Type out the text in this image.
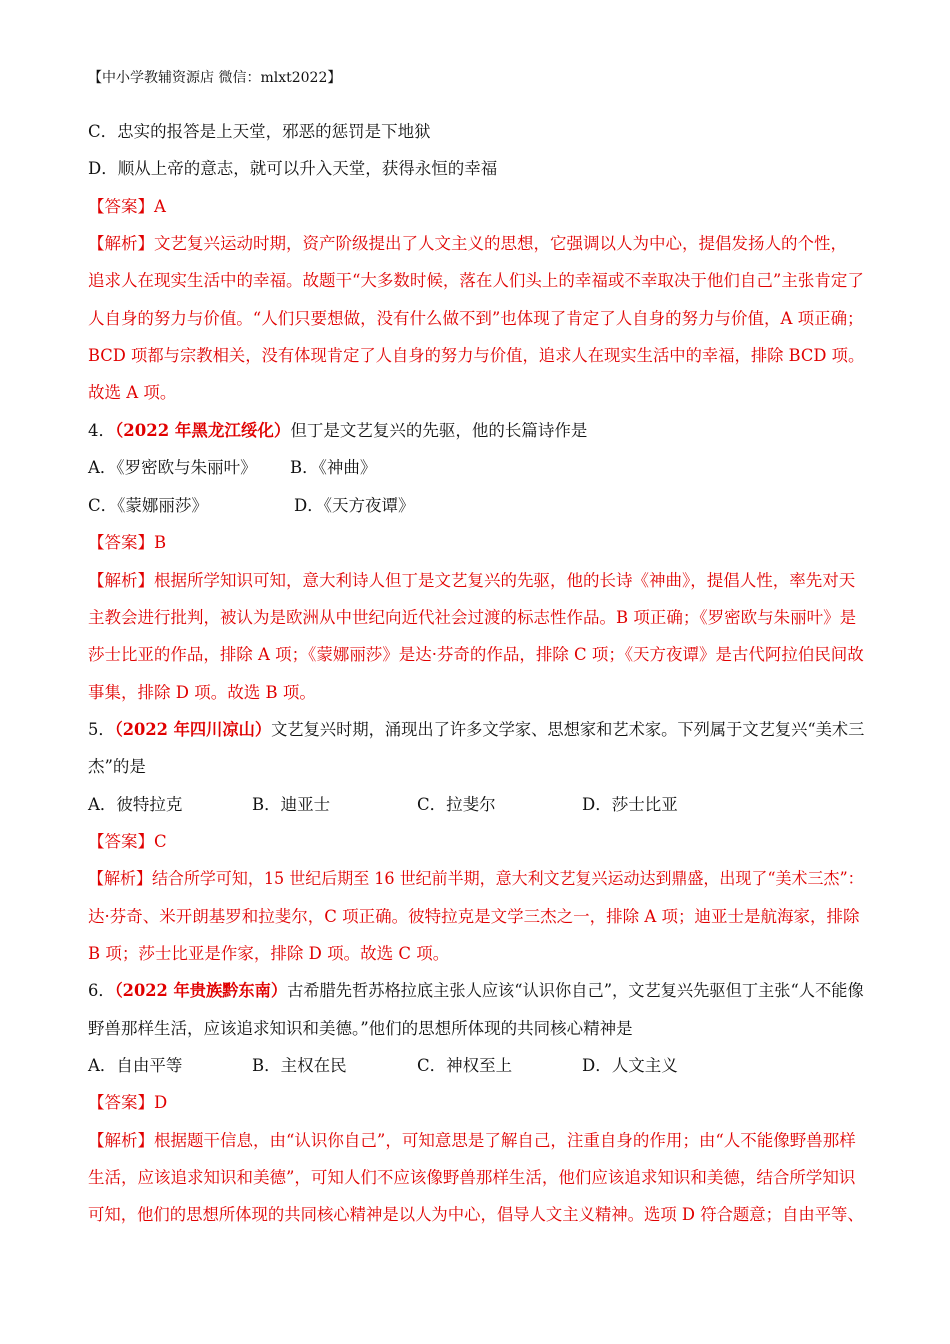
【中小学教辅资源店 微信：mlxt2022】
C．忠实的报答是上天堂，邪恶的惩罚是下地狱
D．顺从上帝的意志，就可以升入天堂，获得永恒的幸福
【答案】A
【解析】文艺复兴运动时期，资产阶级提出了人文主义的思想，它强调以人为中心，提倡发扬人的个性，
追求人在现实生活中的幸福。故题干“大多数时候，落在人们头上的幸福或不幸取决于他们自己”主张肯定了
人自身的努力与价值。“人们只要想做，没有什么做不到”也体现了肯定了人自身的努力与价值，A 项正确；
BCD 项都与宗教相关，没有体现肯定了人自身的努力与价值，追求人在现实生活中的幸福，排除 BCD 项。
故选 A 项。
4．（2022 年黑龙江绥化）但丁是文艺复兴的先驱，他的长篇诗作是
A．《罗密欧与朱丽叶》 B．《神曲》
C．《蒙娜丽莎》	D．《天方夜谭》
【答案】B
【解析】根据所学知识可知，意大利诗人但丁是文艺复兴的先驱，他的长诗《神曲》，提倡人性，率先对天
主教会进行批判，被认为是欧洲从中世纪向近代社会过渡的标志性作品。B 项正确；《罗密欧与朱丽叶》是
莎士比亚的作品，排除 A 项；《蒙娜丽莎》是达·芬奇的作品，排除 C 项；《天方夜谭》是古代阿拉伯民间故
事集，排除 D 项。故选 B 项。
5．（2022 年四川凉山）文艺复兴时期，涌现出了许多文学家、思想家和艺术家。下列属于文艺复兴“美术三
杰”的是
A．彼特拉克	B．迪亚士	C．拉斐尔	D．莎士比亚
【答案】C
【解析】结合所学可知，15 世纪后期至 16 世纪前半期，意大利文艺复兴运动达到鼎盛，出现了“美术三杰”：
达·芬奇、米开朗基罗和拉斐尔，C 项正确。彼特拉克是文学三杰之一，排除 A 项；迪亚士是航海家，排除
B 项；莎士比亚是作家，排除 D 项。故选 C 项。
6．（2022 年贵族黔东南）古希腊先哲苏格拉底主张人应该“认识你自己”，文艺复兴先驱但丁主张“人不能像
野兽那样生活，应该追求知识和美德。”他们的思想所体现的共同核心精神是
A．自由平等	B．主权在民	C．神权至上	D．人文主义
【答案】D
【解析】根据题干信息，由“认识你自己”，可知意思是了解自己，注重自身的作用；由“人不能像野兽那样
生活，应该追求知识和美德”，可知人们不应该像野兽那样生活，他们应该追求知识和美德，结合所学知识
可知，他们的思想所体现的共同核心精神是以人为中心，倡导人文主义精神。选项 D 符合题意；自由平等、
